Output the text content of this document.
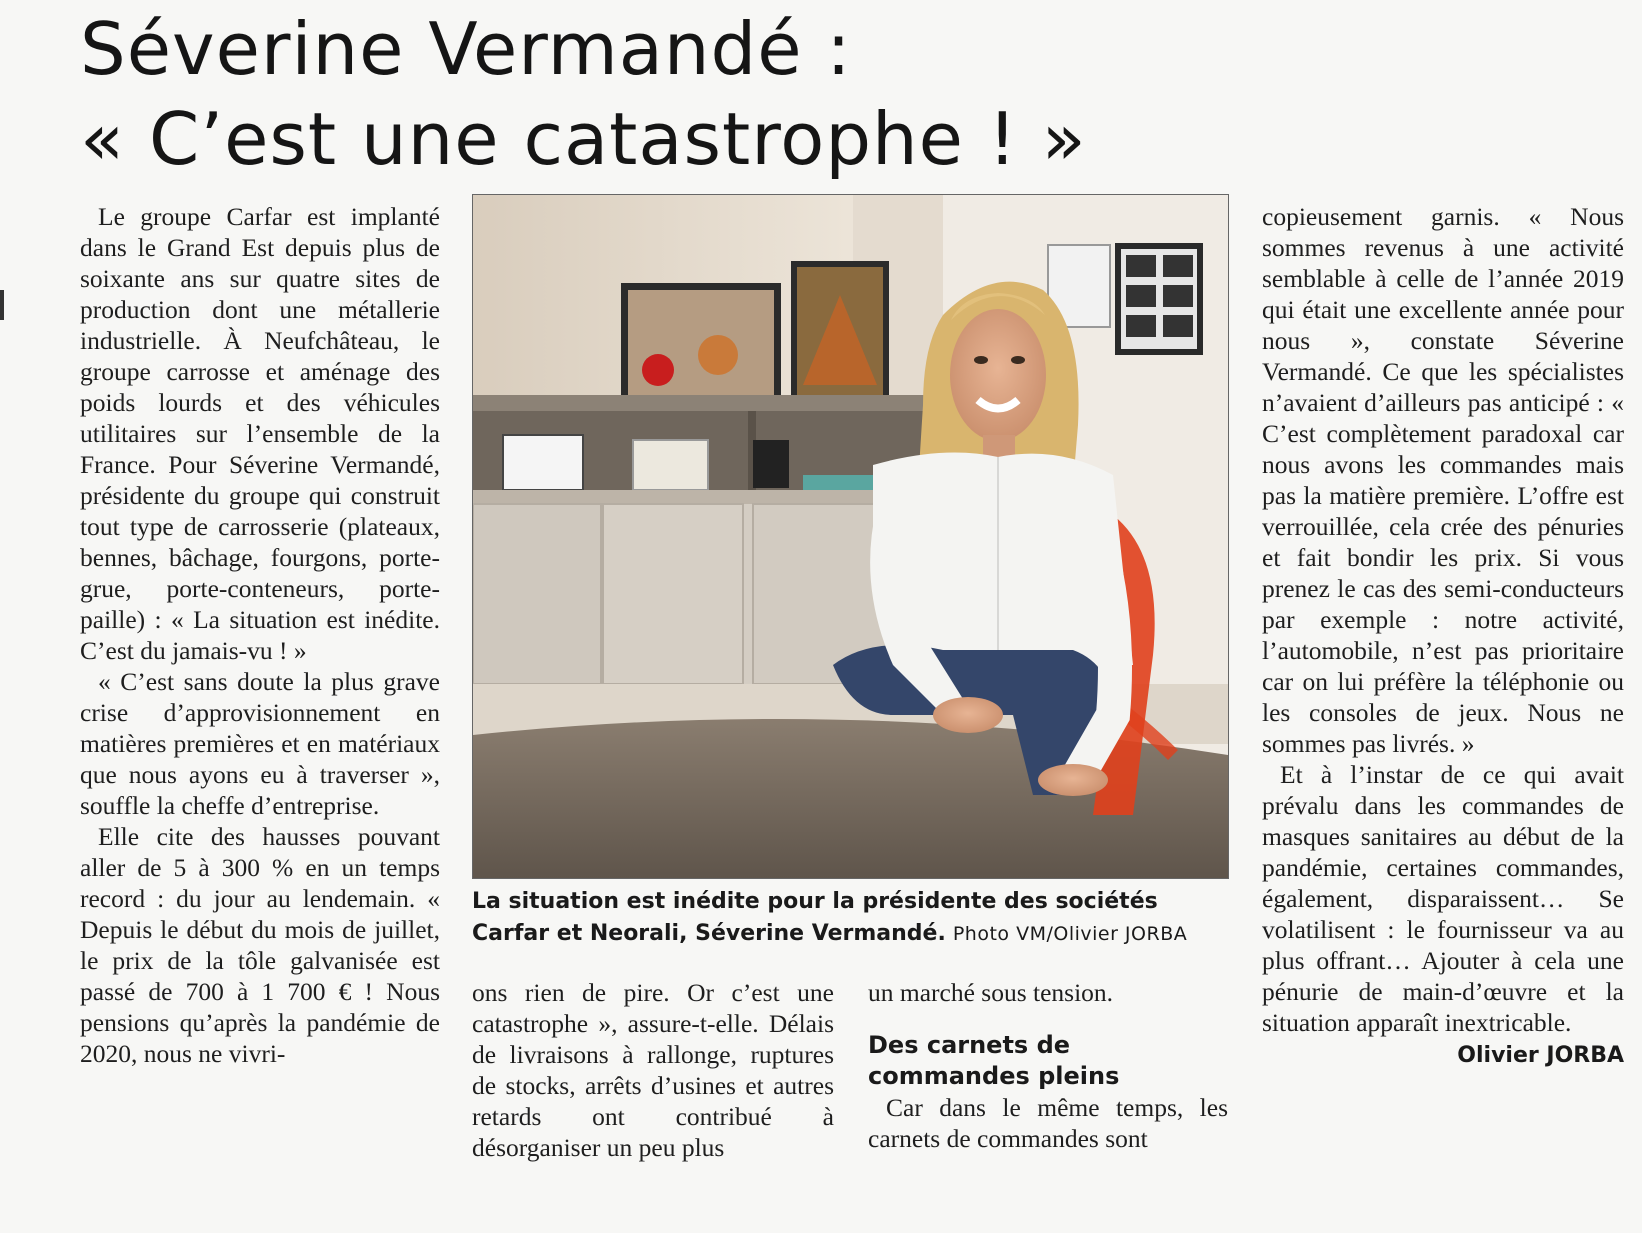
Séverine Vermandé :
« C’est une catastrophe ! »

Le groupe Carfar est implanté dans le Grand Est depuis plus de soixante ans sur quatre sites de production dont une métallerie industrielle. À Neufchâteau, le groupe carrosse et aménage des poids lourds et des véhicules utilitaires sur l’ensemble de la France. Pour Séverine Vermandé, présidente du groupe qui construit tout type de carrosserie (plateaux, bennes, bâchage, fourgons, porte-grue, porte-conteneurs, porte-paille) : « La situation est inédite. C’est du jamais-vu ! »

« C’est sans doute la plus grave crise d’approvisionnement en matières premières et en matériaux que nous ayons eu à traverser », souffle la cheffe d’entreprise.

Elle cite des hausses pouvant aller de 5 à 300 % en un temps record : du jour au lendemain. « Depuis le début du mois de juillet, le prix de la tôle galvanisée est passé de 700 à 1 700 € ! Nous pensions qu’après la pandémie de 2020, nous ne vivri-

La situation est inédite pour la présidente des sociétés Carfar et Neorali, Séverine Vermandé. Photo VM/Olivier JORBA

ons rien de pire. Or c’est une catastrophe », assure-t-elle. Délais de livraisons à rallonge, ruptures de stocks, arrêts d’usines et autres retards ont contribué à désorganiser un peu plus

un marché sous tension.

Des carnets de commandes pleins

Car dans le même temps, les carnets de commandes sont

copieusement garnis. « Nous sommes revenus à une activité semblable à celle de l’année 2019 qui était une excellente année pour nous », constate Séverine Vermandé. Ce que les spécialistes n’avaient d’ailleurs pas anticipé : « C’est complètement paradoxal car nous avons les commandes mais pas la matière première. L’offre est verrouillée, cela crée des pénuries et fait bondir les prix. Si vous prenez le cas des semi-conducteurs par exemple : notre activité, l’automobile, n’est pas prioritaire car on lui préfère la téléphonie ou les consoles de jeux. Nous ne sommes pas livrés. »

Et à l’instar de ce qui avait prévalu dans les commandes de masques sanitaires au début de la pandémie, certaines commandes, également, disparaissent… Se volatilisent : le fournisseur va au plus offrant… Ajouter à cela une pénurie de main-d’œuvre et la situation apparaît inextricable.

Olivier JORBA
